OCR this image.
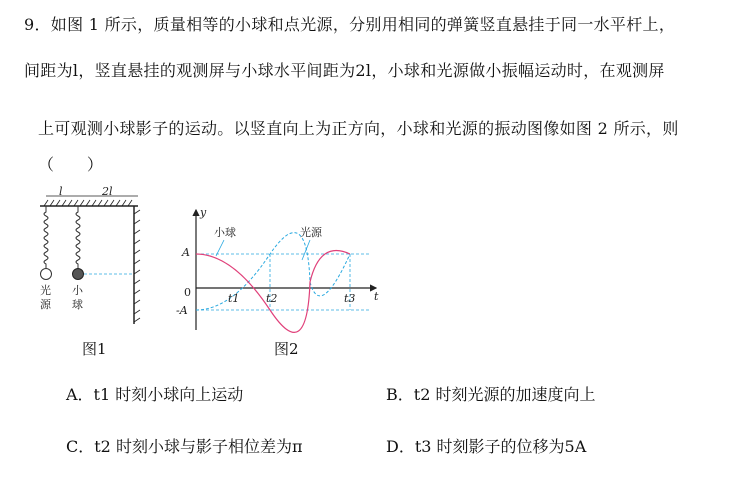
9．如图 1 所示，质量相等的小球和点光源，分别用相同的弹簧竖直悬挂于同一水平杆上，
间距为l，竖直悬挂的观测屏与小球水平间距为2l，小球和光源做小振幅运动时，在观测屏
上可观测小球影子的运动。以竖直向上为正方向，小球和光源的振动图像如图 2 所示，则
（　　）
l	2l
光
源
小
球
图1
y
t
0
A
-A
小球	光源
t1 t2	t3
图2
A．t1 时刻小球向上运动	B．t2 时刻光源的加速度向上
C．t2 时刻小球与影子相位差为π	D．t3 时刻影子的位移为5A
